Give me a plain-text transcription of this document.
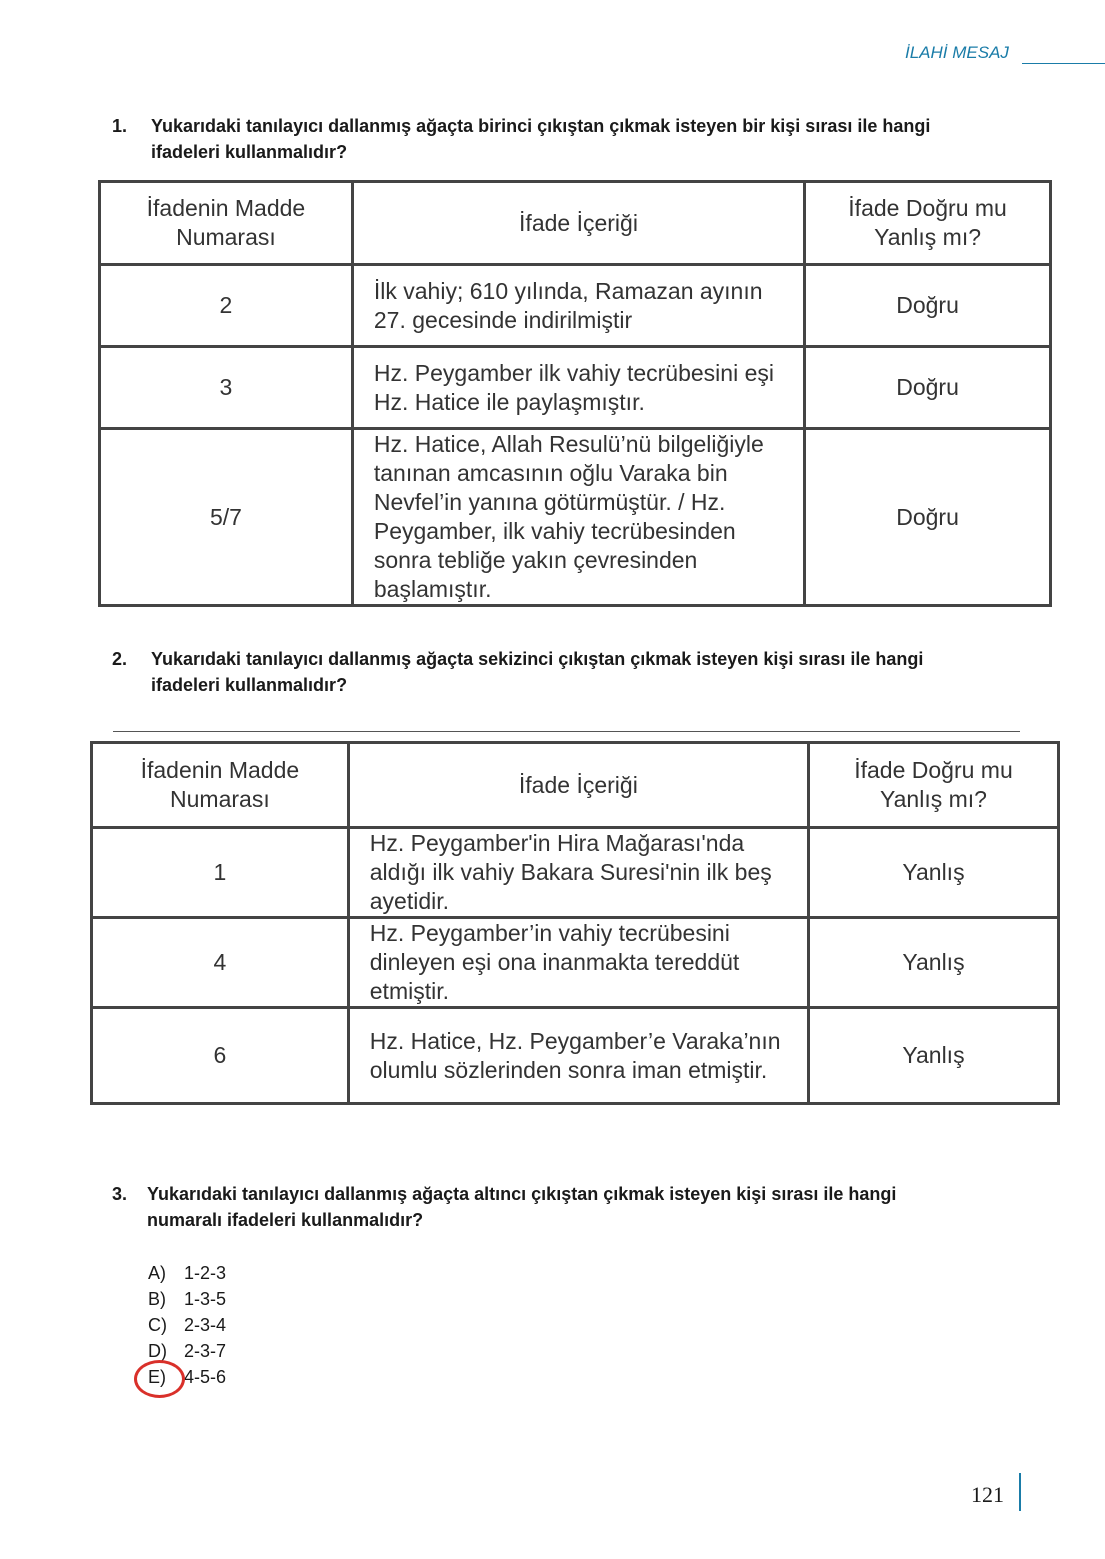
İLAHİ MESAJ
1. Yukarıdaki tanılayıcı dallanmış ağaçta birinci çıkıştan çıkmak isteyen bir kişi sırası ile hangi
ifadeleri kullanmalıdır?
İfadenin Madde Numarası	İfade İçeriği	İfade Doğru mu Yanlış mı?
2	İlk vahiy; 610 yılında, Ramazan ayının 27. gecesinde indirilmiştir	Doğru
3	Hz. Peygamber ilk vahiy tecrübesini eşi Hz. Hatice ile paylaşmıştır.	Doğru
5/7	Hz. Hatice, Allah Resulü’nü bilgeliğiyle tanınan amcasının oğlu Varaka bin Nevfel’in yanına götürmüştür. / Hz. Peygamber, ilk vahiy tecrübesinden sonra tebliğe yakın çevresinden başlamıştır.	Doğru
2. Yukarıdaki tanılayıcı dallanmış ağaçta sekizinci çıkıştan çıkmak isteyen kişi sırası ile hangi
ifadeleri kullanmalıdır?
İfadenin Madde Numarası	İfade İçeriği	İfade Doğru mu Yanlış mı?
1	Hz. Peygamber'in Hira Mağarası'nda aldığı ilk vahiy Bakara Suresi'nin ilk beş ayetidir.	Yanlış
4	Hz. Peygamber’in vahiy tecrübesini dinleyen eşi ona inanmakta tereddüt etmiştir.	Yanlış
6	Hz. Hatice, Hz. Peygamber’e Varaka’nın olumlu sözlerinden sonra iman etmiştir.	Yanlış
3. Yukarıdaki tanılayıcı dallanmış ağaçta altıncı çıkıştan çıkmak isteyen kişi sırası ile hangi
numaralı ifadeleri kullanmalıdır?
A) 1-2-3
B) 1-3-5
C) 2-3-4
D) 2-3-7
E) 4-5-6
121
